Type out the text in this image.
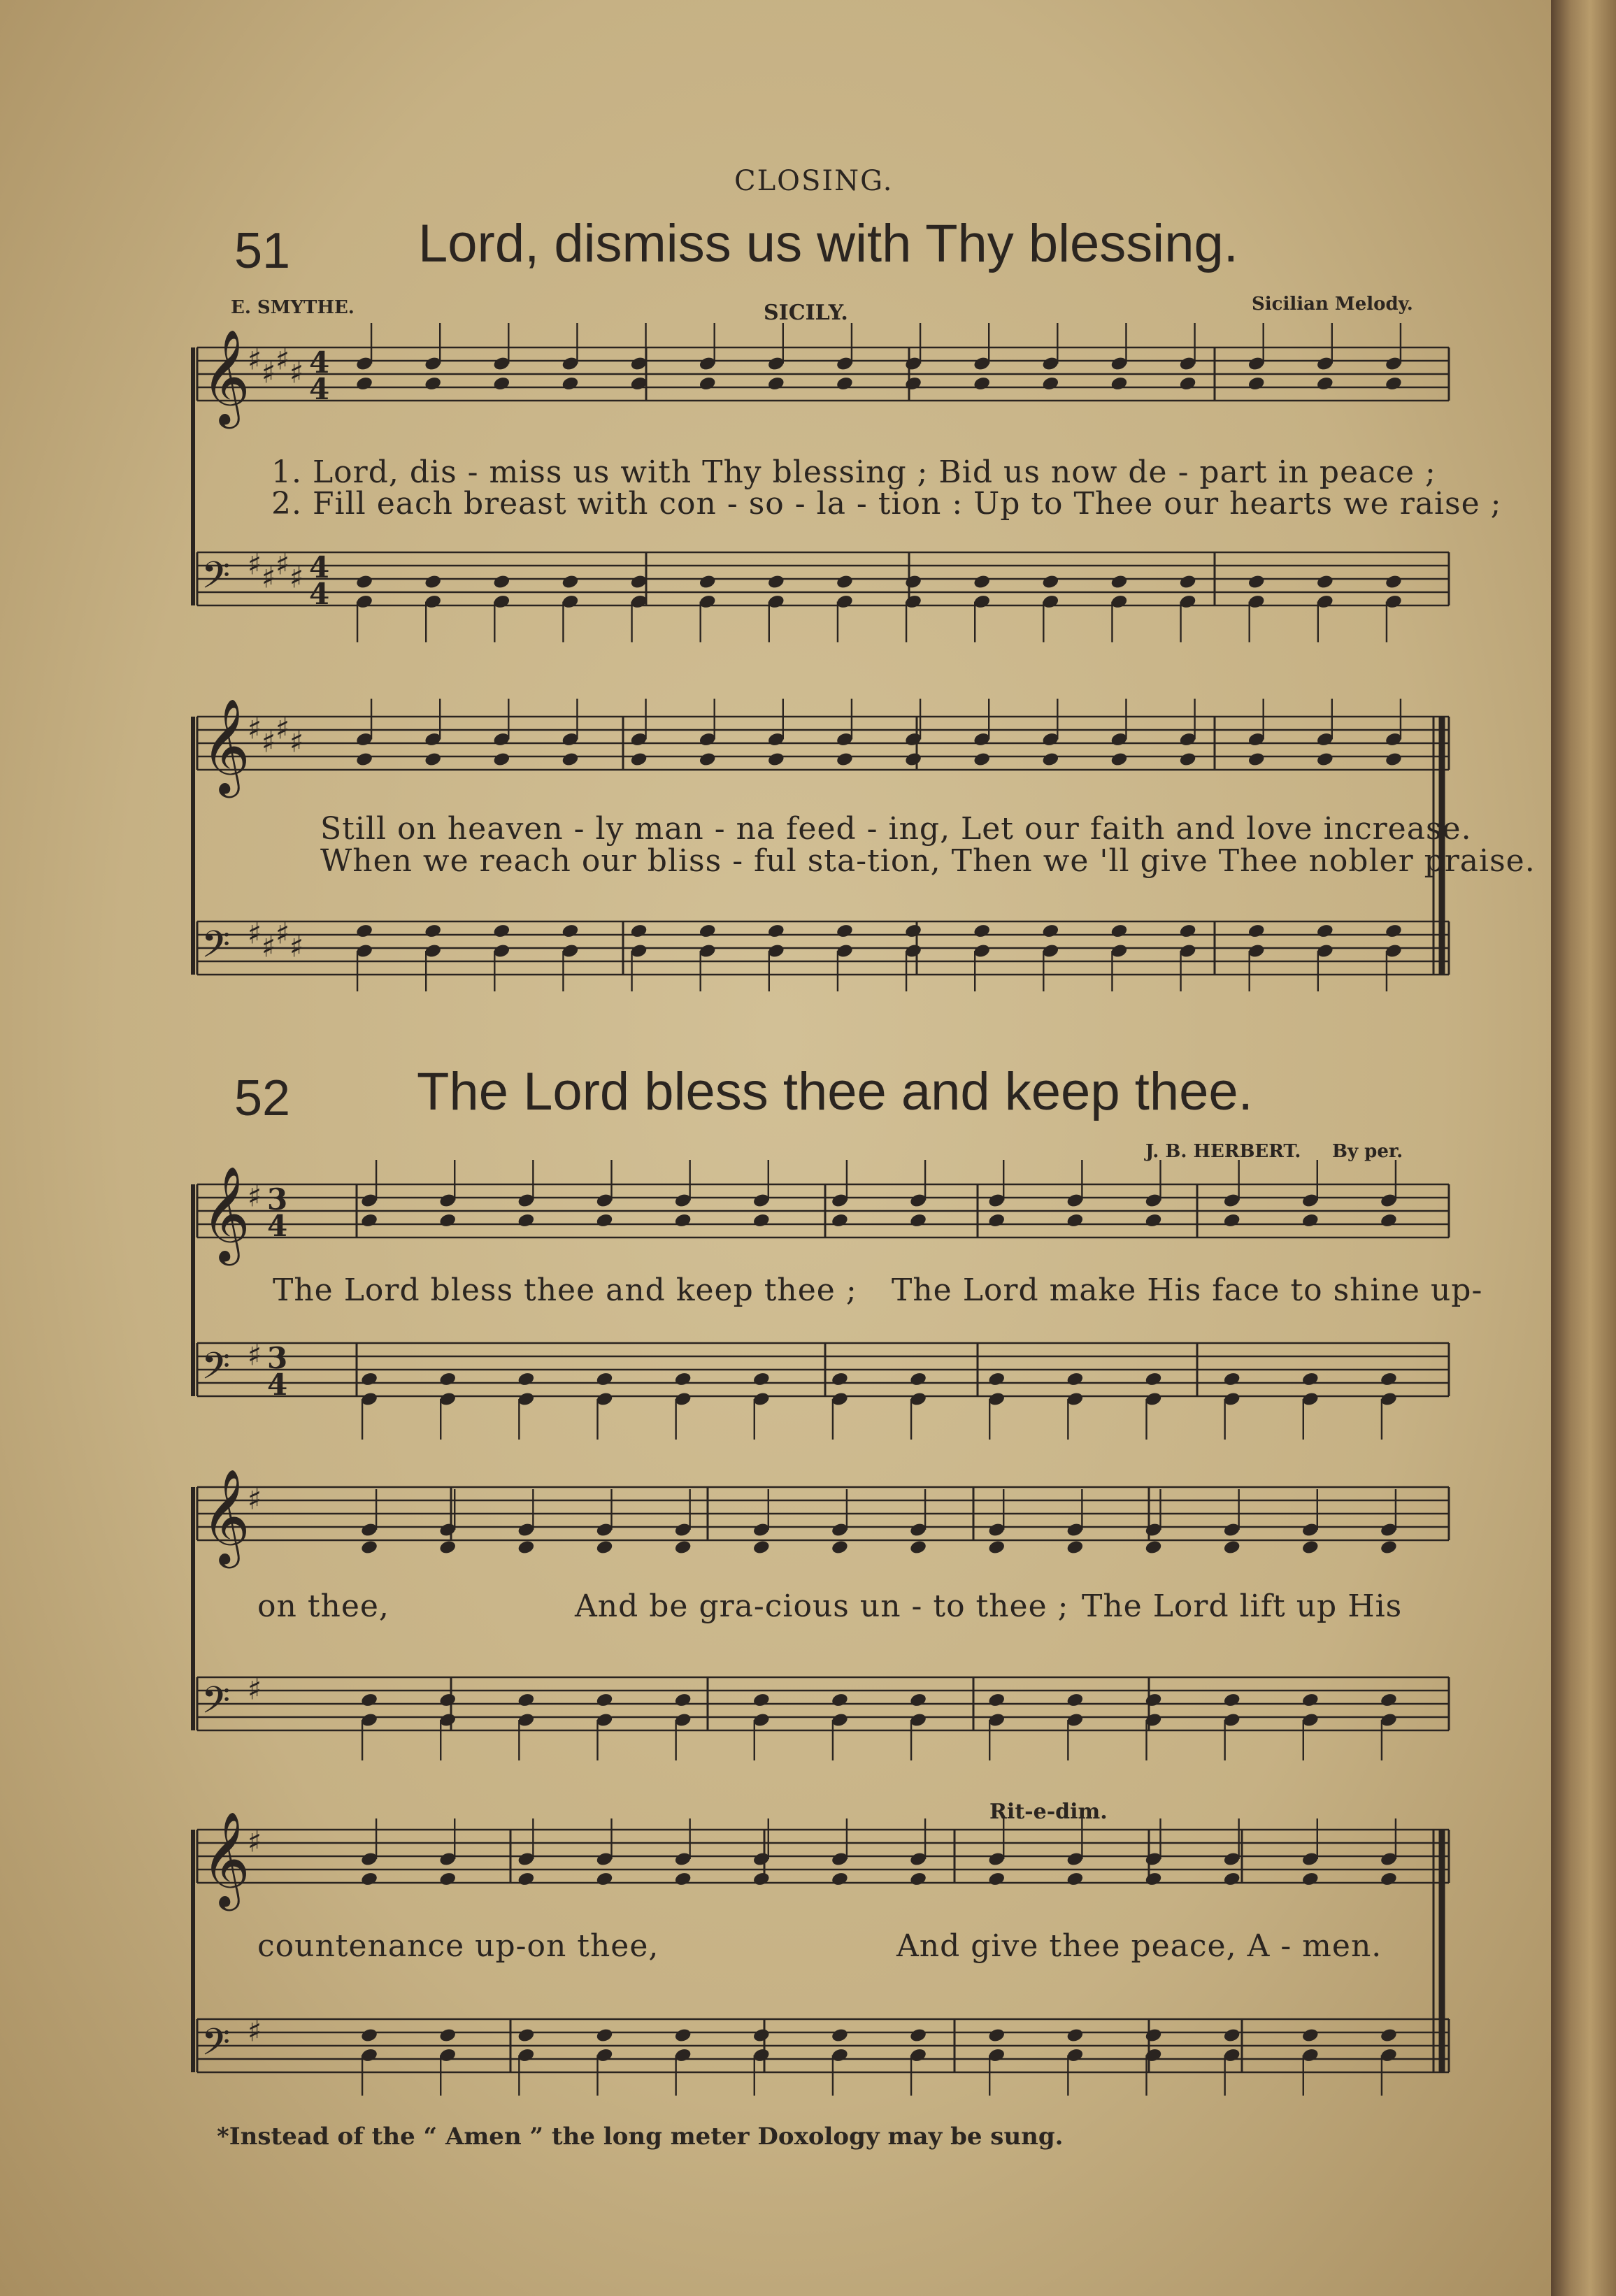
CLOSING.
51 Lord, dismiss us with Thy blessing.
E. SMYTHE.	SICILY.	Sicilian Melody.
1. Lord, dis - miss us with Thy blessing ; Bid us now de - part in peace ;
2. Fill each breast with con - so - la - tion : Up to Thee our hearts we raise ;
Still on heaven - ly man - na feed - ing, Let our faith and love increase.
When we reach our bliss - ful sta-tion, Then we 'll give Thee nobler praise.
52 The Lord bless thee and keep thee.
J. B. HERBERT. By per.
The Lord bless thee and keep thee ; The Lord make His face to shine up-
on thee,	And be gra-cious un - to thee ; The Lord lift up His
countenance up-on thee,	And give thee peace, A - men.
Rit-e-dim.
*Instead of the “ Amen ” the long meter Doxology may be sung.
𝄞
♯ ♯ ♯ ♯ 4
4
𝄢 ♯ ♯ ♯ ♯ 4
4
𝄞
♯ ♯ ♯ ♯
𝄢 ♯ ♯ ♯ ♯
𝄞
♯ 3
4
𝄢 ♯ 3
4
𝄞
♯
𝄢 ♯
𝄞
♯
𝄢 ♯
